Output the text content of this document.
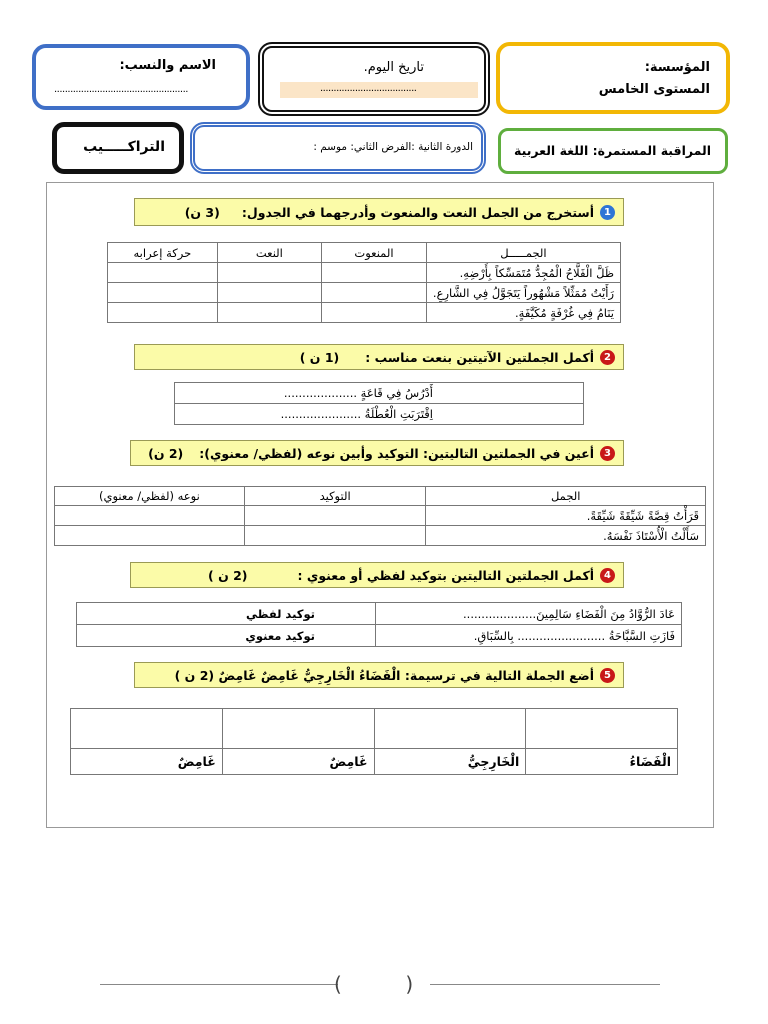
الاسم والنسب:
..................................................
تاريخ اليوم.
....................................
المؤسسة:
المستوى الخامس
التراكـــــيب	الدورة الثانية :الفرض الثاني: موسم :	المراقبة المستمرة: اللغة العربية
1
أستخرج من الجمل النعت والمنعوت وأدرجهما في الجدول:
(3 ن)
الجمـــــل	المنعوت	النعت	حركة إعرابه
ظَلَّ الْفَلَّاحُ الْمُجِدُّ مُتَمَسِّكاً بِأَرْضِهِ.			
رَأَيْتُ مُمَثِّلاً مَشْهُوراً يَتَجَوَّلُ فِي الشَّارِعِ.			
يَنَامُ فِي غُرْفَةٍ مُكَيَّفَةٍ.			
2
أكمل الجملتين الآتيتين بنعت مناسب :
(1 ن )
أَدْرُسُ فِي قَاعَةٍ ....................
اِقْتَرَبَتِ الْعُطْلَةُ ......................
3
أعين في الجملتين التاليتين: التوكيد وأبين نوعه (لفظي/ معنوي):
(2 ن)
الجمل	التوكيد	نوعه (لفظي/ معنوي)
قَرَأْتُ قِصَّةً شَيِّقَةً شَيِّقَةً.		
سَأَلْتُ الْأُسْتَاذَ نَفْسَهُ.		
4
أكمل الجملتين التاليتين بتوكيد لفظي أو معنوي :
(2 ن )
عَادَ الرُّوَّادُ مِنَ الْفَضَاءِ سَالِمِينَ....................	توكيد لفظي
فَازَتِ السَّبَّاحَةُ ........................ بِالسِّبَاقِ.	توكيد معنوي
5
أضع الجملة التالية في ترسيمة: الْفَضَاءُ الْخَارِجِيُّ غَامِضٌ غَامِضٌ (2 ن )

الْفَضَاءُ	الْخَارِجِيُّ	غَامِضٌ	غَامِضٌ
(          )
